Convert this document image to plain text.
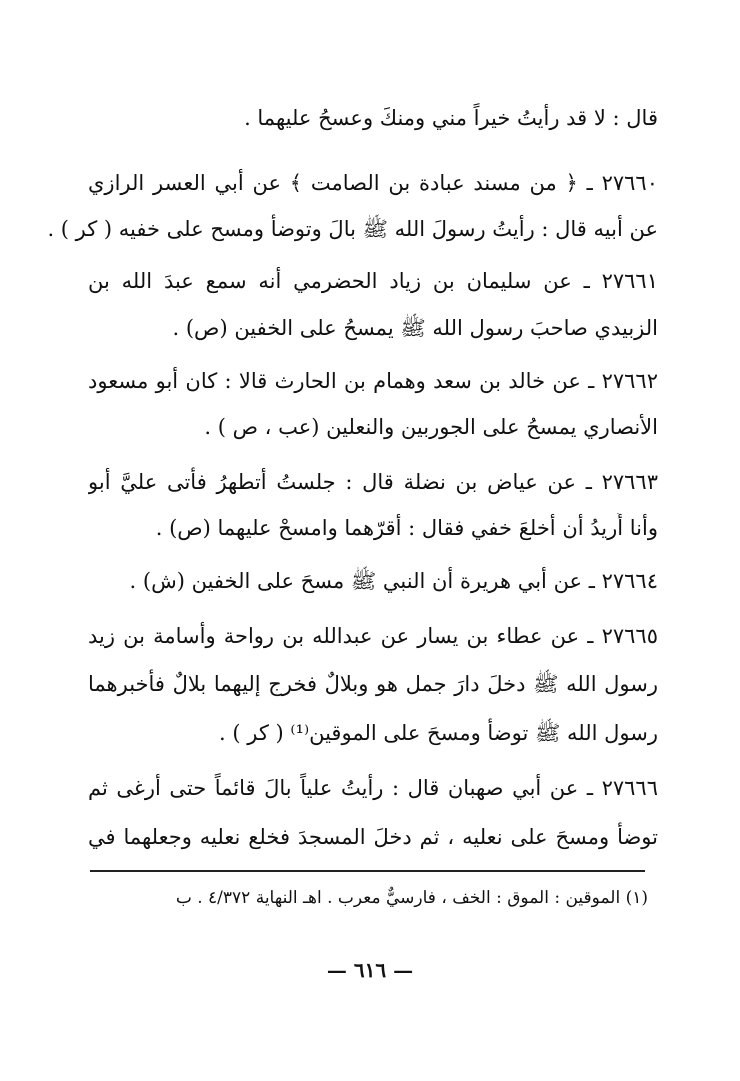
قال : لا قد رأيتُ خيراً مني ومنكَ وعسحُ عليهما .
٢٧٦٦٠ ـ ﴿ من مسند عبادة بن الصامت ﴾ عن أبي العسر الرازي
عن أبيه قال : رأيتُ رسولَ الله ﷺ بالَ وتوضأ ومسح على خفيه ( كر ) .
٢٧٦٦١ ـ عن سليمان بن زياد الحضرمي أنه سمع عبدَ الله بن
الزبيدي صاحبَ رسول الله ﷺ يمسحُ على الخفين (ص) .
٢٧٦٦٢ ـ عن خالد بن سعد وهمام بن الحارث قالا : كان أبو مسعود
الأنصاري يمسحُ على الجوربين والنعلين (عب ، ص ) .
٢٧٦٦٣ ـ عن عياض بن نضلة قال : جلستُ أتطهرُ فأتى عليَّ أبو
وأنا أُريدُ أن أخلعَ خفي فقال : أقرّهما وامسحْ عليهما (ص) .
٢٧٦٦٤ ـ عن أبي هريرة أن النبي ﷺ مسحَ على الخفين (ش) .
٢٧٦٦٥ ـ عن عطاء بن يسار عن عبدالله بن رواحة وأسامة بن زيد
رسول الله ﷺ دخلَ دارَ جمل هو وبلالٌ فخرج إليهما بلالٌ فأخبرهما
رسول الله ﷺ توضأ ومسحَ على الموقين⁽¹⁾ ( كر ) .
٢٧٦٦٦ ـ عن أبي صهبان قال : رأيتُ علياً بالَ قائماً حتى أرغى ثم
توضأ ومسحَ على نعليه ، ثم دخلَ المسجدَ فخلع نعليه وجعلهما في
(١) الموقين : الموق : الخف ، فارسيٌّ معرب . اهـ النهاية ٤/٣٧٢ . ب
— ٦١٦ —
